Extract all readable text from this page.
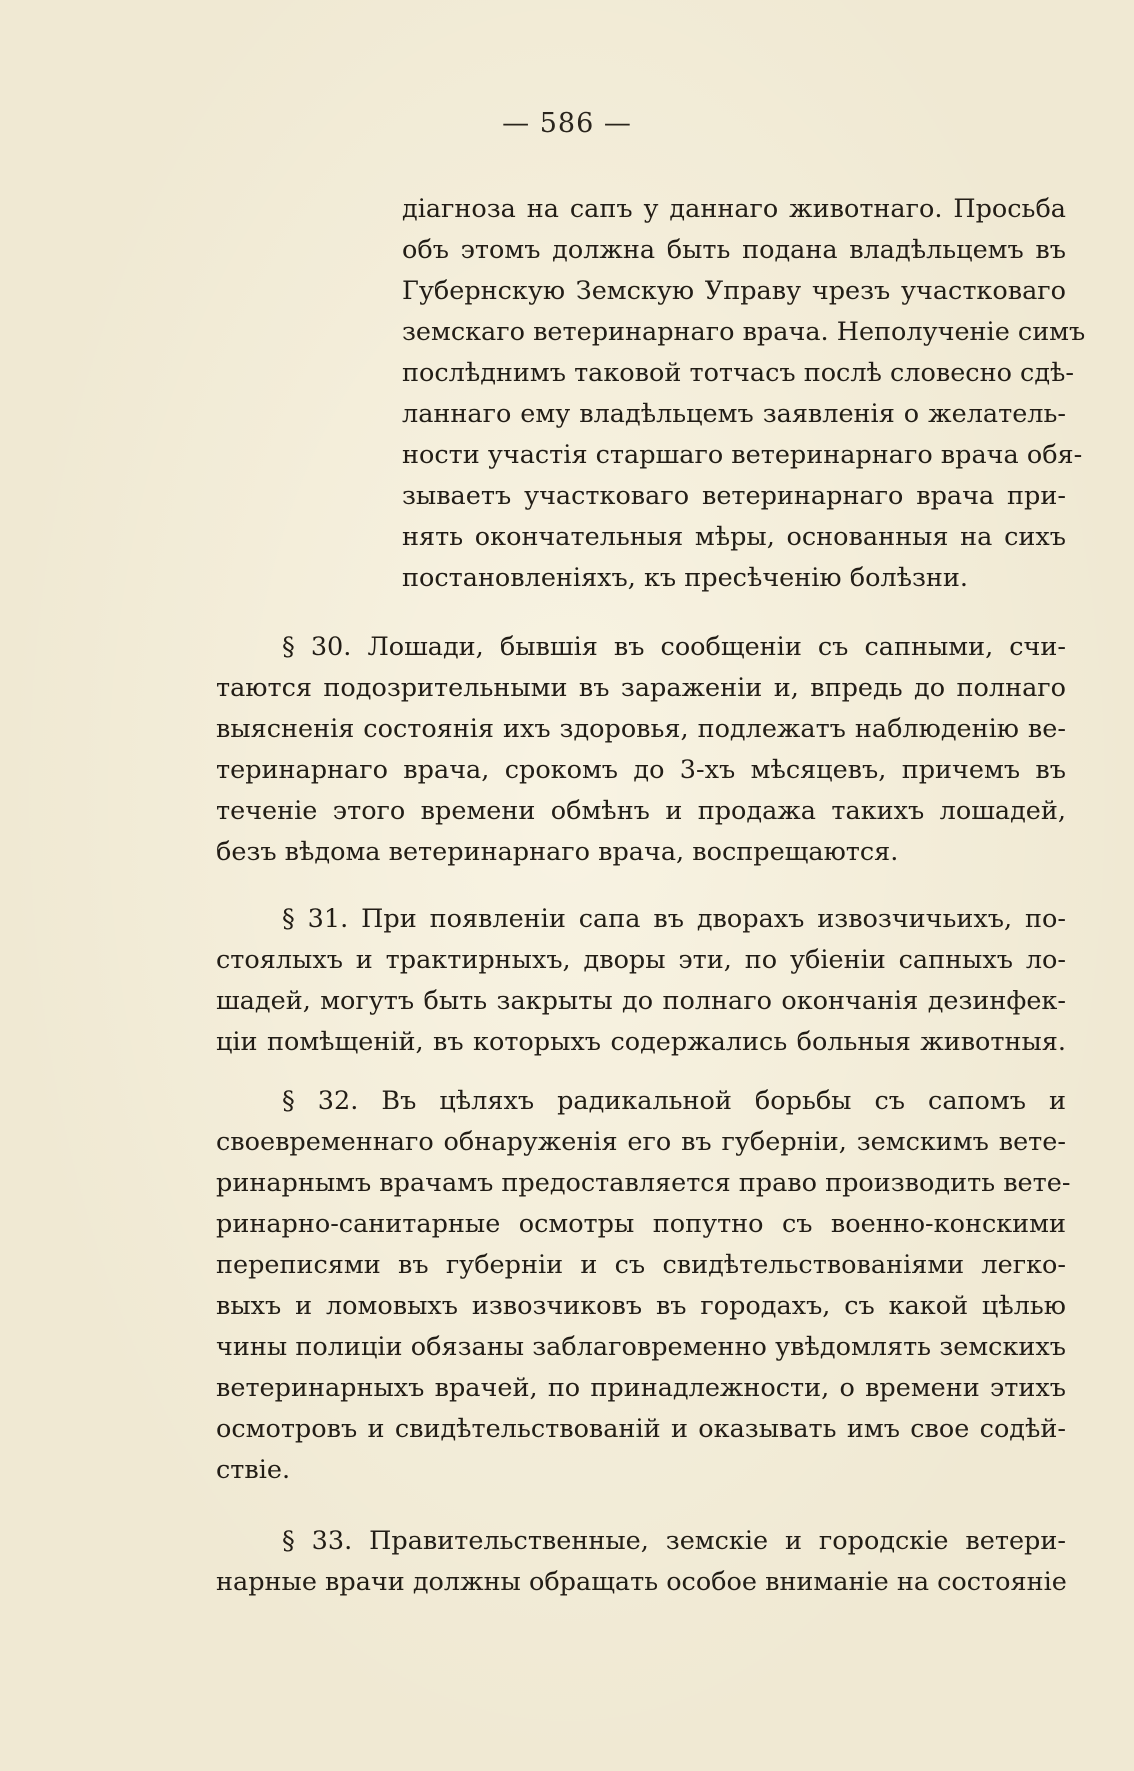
— 586 —
діагноза на сапъ у даннаго животнаго. Просьба
объ этомъ должна быть подана владѣльцемъ въ
Губернскую Земскую Управу чрезъ участковаго
земскаго ветеринарнаго врача. Неполученіе симъ
послѣднимъ таковой тотчасъ послѣ словесно сдѣ-
ланнаго ему владѣльцемъ заявленія о желатель-
ности участія старшаго ветеринарнаго врача обя-
зываетъ участковаго ветеринарнаго врача при-
нять окончательныя мѣры, основанныя на сихъ
постановленіяхъ, къ пресѣченію болѣзни.
§ 30. Лошади, бывшія въ сообщеніи съ сапными, счи-
таются подозрительными въ зараженіи и, впредь до полнаго
выясненія состоянія ихъ здоровья, подлежатъ наблюденію ве-
теринарнаго врача, срокомъ до 3-хъ мѣсяцевъ, причемъ въ
теченіе этого времени обмѣнъ и продажа такихъ лошадей,
безъ вѣдома ветеринарнаго врача, воспрещаются.
§ 31. При появленіи сапа въ дворахъ извозчичьихъ, по-
стоялыхъ и трактирныхъ, дворы эти, по убіеніи сапныхъ ло-
шадей, могутъ быть закрыты до полнаго окончанія дезинфек-
ціи помѣщеній, въ которыхъ содержались больныя животныя.
§ 32. Въ цѣляхъ радикальной борьбы съ сапомъ и
своевременнаго обнаруженія его въ губерніи, земскимъ вете-
ринарнымъ врачамъ предоставляется право производить вете-
ринарно-санитарные осмотры попутно съ военно-конскими
переписями въ губерніи и съ свидѣтельствованіями легко-
выхъ и ломовыхъ извозчиковъ въ городахъ, съ какой цѣлью
чины полиціи обязаны заблаговременно увѣдомлять земскихъ
ветеринарныхъ врачей, по принадлежности, о времени этихъ
осмотровъ и свидѣтельствованій и оказывать имъ свое содѣй-
ствіе.
§ 33. Правительственные, земскіе и городскіе ветери-
нарные врачи должны обращать особое вниманіе на состояніе
